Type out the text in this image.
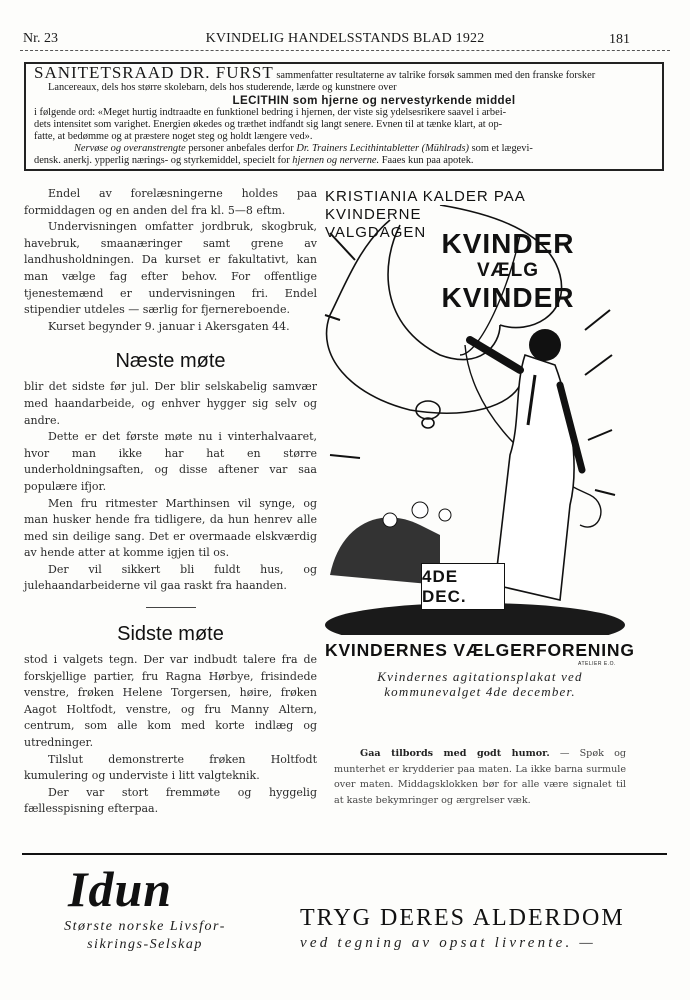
Nr. 23	KVINDELIG HANDELSSTANDS BLAD 1922	181
SANITETSRAAD DR. FURST sammenfatter resultaterne av talrike forsøk sammen med den franske forsker
Lancereaux, dels hos større skolebarn, dels hos studerende, lærde og kunstnere over
LECITHIN som hjerne og nervestyrkende middel
i følgende ord: «Meget hurtig indtraadte en funktionel bedring i hjernen, der viste sig ydelsesrikere saavel i arbei-
dets intensitet som varighet. Energien økedes og træthet indfandt sig langt senere. Evnen til at tænke klart, at op-
fatte, at bedømme og at præstere noget steg og holdt længere ved».
Nervøse og overanstrengte personer anbefales derfor Dr. Trainers Lecithintabletter (Mühlrads) som et lægevi-
densk. anerkj. ypperlig nærings- og styrkemiddel, specielt for hjernen og nerverne. Faaes kun paa apotek.

Endel av forelæsningerne holdes paa formiddagen og en anden del fra kl. 5—8 eftm.

Undervisningen omfatter jordbruk, skogbruk, havebruk, smaanæringer samt grene av landhusholdningen. Da kurset er fakultativt, kan man vælge fag efter behov. For offentlige tjenestemænd er undervisningen fri. Endel stipendier utdeles — særlig for fjernereboende.

Kurset begynder 9. januar i Akersgaten 44.

Næste møte

blir det sidste før jul. Der blir selskabelig samvær med haandarbeide, og enhver hygger sig selv og andre.

Dette er det første møte nu i vinterhalvaaret, hvor man ikke har hat en større underholdningsaften, og disse aftener var saa populære ifjor.

Men fru ritmester Marthinsen vil synge, og man husker hende fra tidligere, da hun henrev alle med sin deilige sang. Det er overmaade elskværdig av hende atter at komme igjen til os.

Der vil sikkert bli fuldt hus, og julehaandarbeiderne vil gaa raskt fra haanden.

Sidste møte

stod i valgets tegn. Der var indbudt talere fra de forskjellige partier, fru Ragna Hørbye, frisindede venstre, frøken Helene Torgersen, høire, frøken Aagot Holtfodt, venstre, og fru Manny Altern, centrum, som alle kom med korte indlæg og utredninger.

Tilslut demonstrerte frøken Holtfodt kumulering og underviste i litt valgteknik.

Der var stort fremmøte og hyggelig fællesspisning efterpaa.

KRISTIANIA KALDER PAA KVINDERNE
VALGDAGEN KVINDER
VÆLG
KVINDER
4DE DEC.
KVINDERNES VÆLGERFORENING
ATELIER E.O.
Kvindernes agitationsplakat ved kommunevalget 4de december.
Gaa tilbords med godt humor. — Spøk og munterhet er krydderier paa maten. La ikke barna surmule over maten. Middagsklokken bør for alle være signalet til at kaste bekymringer og ærgrelser væk.
Idun
Største norske Livsfor-
sikrings-Selskap
TRYG DERES ALDERDOM
ved tegning av opsat livrente. —
